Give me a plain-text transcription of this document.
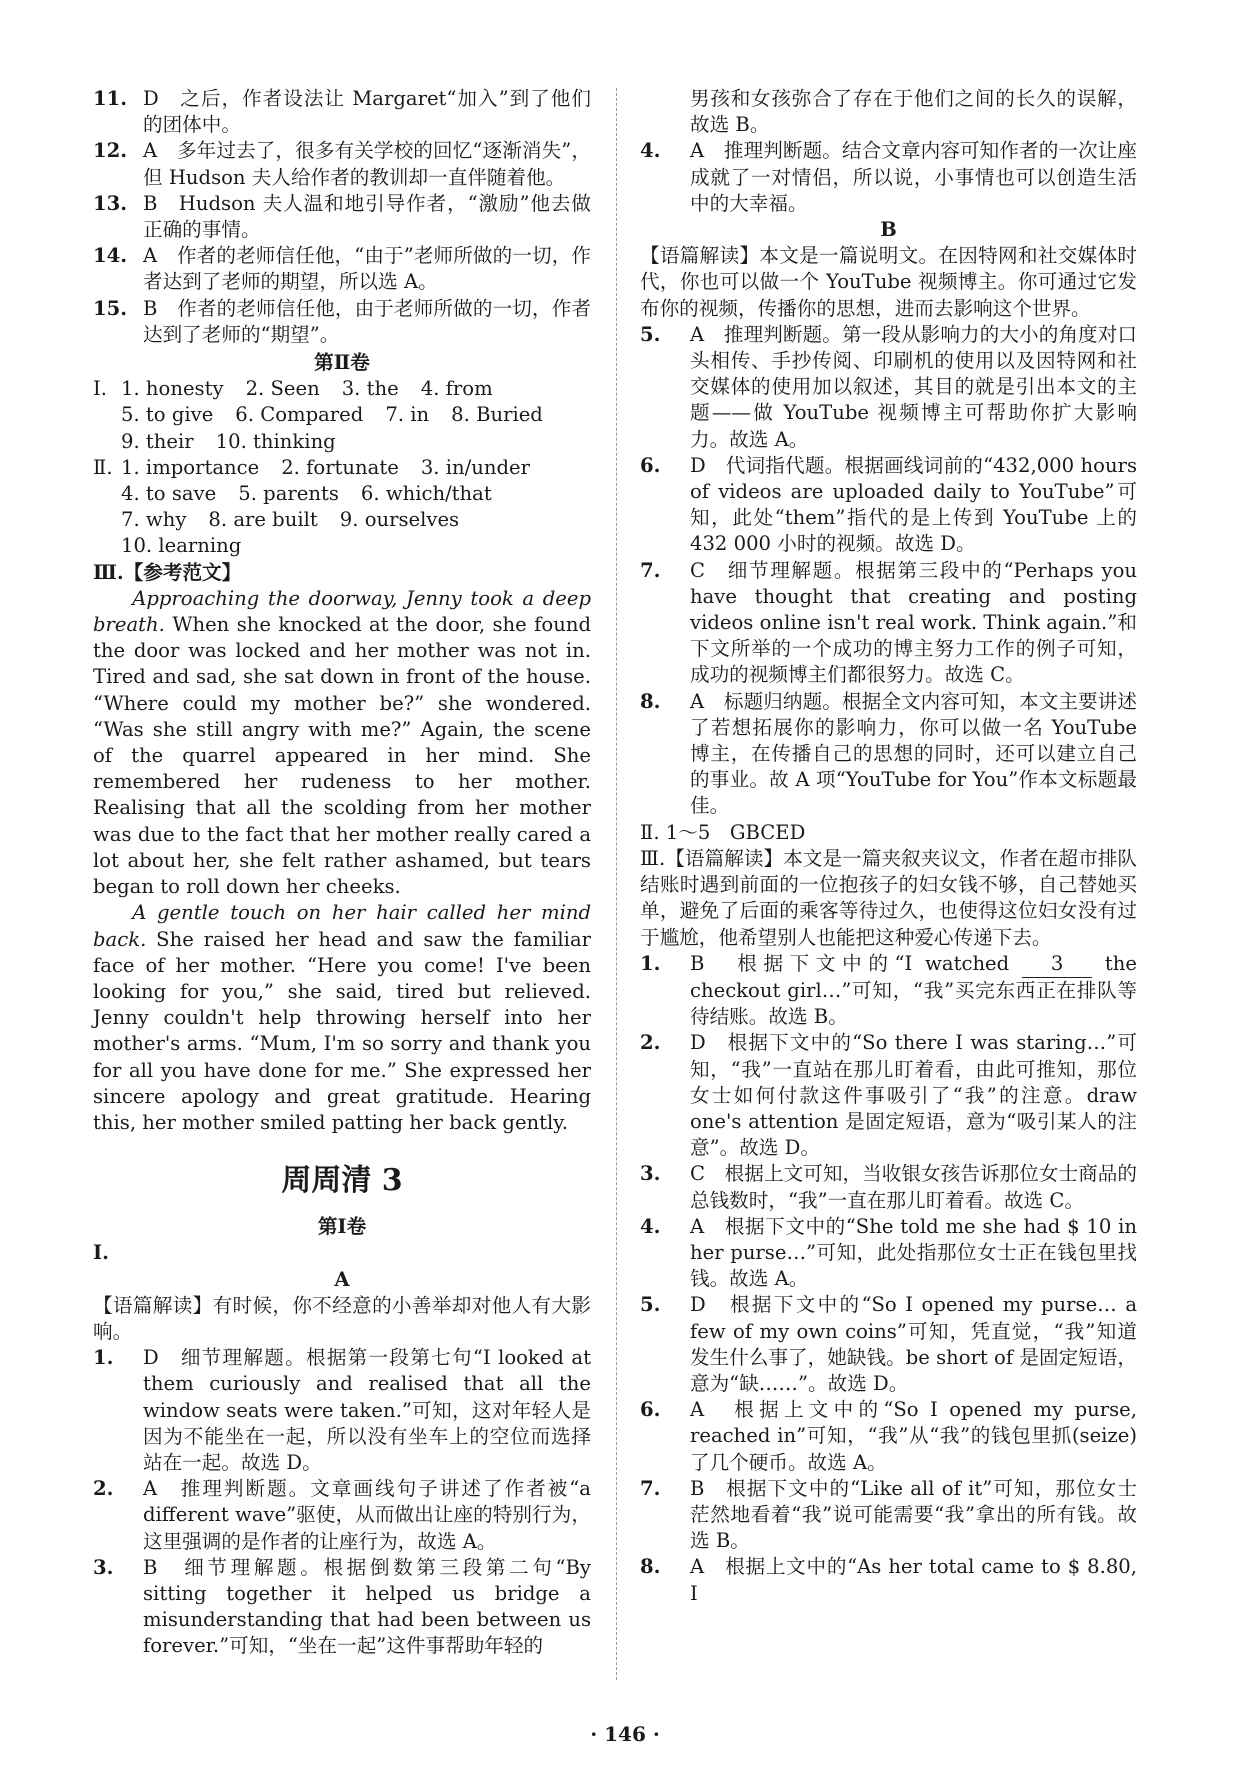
11. D　之后，作者设法让 Margaret“加入”到了他们的团体中。
12. A　多年过去了，很多有关学校的回忆“逐渐消失”，但 Hudson 夫人给作者的教训却一直伴随着他。
13. B　Hudson 夫人温和地引导作者，“激励”他去做正确的事情。
14. A　作者的老师信任他，“由于”老师所做的一切，作者达到了老师的期望，所以选 A。
15. B　作者的老师信任他，由于老师所做的一切，作者达到了老师的“期望”。
第Ⅱ卷
Ⅰ. 1. honesty 2. Seen 3. the 4. from
5. to give 6. Compared 7. in 8. Buried
9. their 10. thinking
Ⅱ. 1. importance 2. fortunate 3. in/under
4. to save 5. parents 6. which/that
7. why 8. are built 9. ourselves
10. learning
Ⅲ.【参考范文】
Approaching the doorway, Jenny took a deep breath. When she knocked at the door, she found the door was locked and her mother was not in. Tired and sad, she sat down in front of the house. “Where could my mother be?” she wondered. “Was she still angry with me?” Again, the scene of the quarrel appeared in her mind. She remembered her rudeness to her mother. Realising that all the scolding from her mother was due to the fact that her mother really cared a lot about her, she felt rather ashamed, but tears began to roll down her cheeks.
A gentle touch on her hair called her mind back. She raised her head and saw the familiar face of her mother. “Here you come! I've been looking for you,” she said, tired but relieved. Jenny couldn't help throwing herself into her mother's arms. “Mum, I'm so sorry and thank you for all you have done for me.” She expressed her sincere apology and great gratitude. Hearing this, her mother smiled patting her back gently.
周周清 3
第Ⅰ卷
Ⅰ.
A
【语篇解读】有时候，你不经意的小善举却对他人有大影响。
1. D　细节理解题。根据第一段第七句“I looked at them curiously and realised that all the window seats were taken.”可知，这对年轻人是因为不能坐在一起，所以没有坐车上的空位而选择站在一起。故选 D。
2. A　推理判断题。文章画线句子讲述了作者被“a different wave”驱使，从而做出让座的特别行为，这里强调的是作者的让座行为，故选 A。
3. B　细节理解题。根据倒数第三段第二句“By sitting together it helped us bridge a misunderstanding that had been between us forever.”可知，“坐在一起”这件事帮助年轻的
男孩和女孩弥合了存在于他们之间的长久的误解，故选 B。
4. A　推理判断题。结合文章内容可知作者的一次让座成就了一对情侣，所以说，小事情也可以创造生活中的大幸福。
B
【语篇解读】本文是一篇说明文。在因特网和社交媒体时代，你也可以做一个 YouTube 视频博主。你可通过它发布你的视频，传播你的思想，进而去影响这个世界。
5. A　推理判断题。第一段从影响力的大小的角度对口头相传、手抄传阅、印刷机的使用以及因特网和社交媒体的使用加以叙述，其目的就是引出本文的主题——做 YouTube 视频博主可帮助你扩大影响力。故选 A。
6. D　代词指代题。根据画线词前的“432,000 hours of videos are uploaded daily to YouTube”可知，此处“them”指代的是上传到 YouTube 上的 432 000 小时的视频。故选 D。
7. C　细节理解题。根据第三段中的“Perhaps you have thought that creating and posting videos online isn't real work. Think again.”和下文所举的一个成功的博主努力工作的例子可知，成功的视频博主们都很努力。故选 C。
8. A　标题归纳题。根据全文内容可知，本文主要讲述了若想拓展你的影响力，你可以做一名 YouTube 博主，在传播自己的思想的同时，还可以建立自己的事业。故 A 项“YouTube for You”作本文标题最佳。
Ⅱ. 1～5　GBCED
Ⅲ.【语篇解读】本文是一篇夹叙夹议文，作者在超市排队结账时遇到前面的一位抱孩子的妇女钱不够，自己替她买单，避免了后面的乘客等待过久，也使得这位妇女没有过于尴尬，他希望别人也能把这种爱心传递下去。
1. B　根据下文中的“I watched 3 the checkout girl…”可知，“我”买完东西正在排队等待结账。故选 B。
2. D　根据下文中的“So there I was staring…”可知，“我”一直站在那儿盯着看，由此可推知，那位女士如何付款这件事吸引了“我”的注意。draw one's attention 是固定短语，意为“吸引某人的注意”。故选 D。
3. C　根据上文可知，当收银女孩告诉那位女士商品的总钱数时，“我”一直在那儿盯着看。故选 C。
4. A　根据下文中的“She told me she had $ 10 in her purse…”可知，此处指那位女士正在钱包里找钱。故选 A。
5. D　根据下文中的“So I opened my purse… a few of my own coins”可知，凭直觉，“我”知道发生什么事了，她缺钱。be short of 是固定短语，意为“缺……”。故选 D。
6. A　根据上文中的“So I opened my purse, reached in”可知，“我”从“我”的钱包里抓(seize)了几个硬币。故选 A。
7. B　根据下文中的“Like all of it”可知，那位女士茫然地看着“我”说可能需要“我”拿出的所有钱。故选 B。
8. A　根据上文中的“As her total came to $ 8.80, I
· 146 ·
